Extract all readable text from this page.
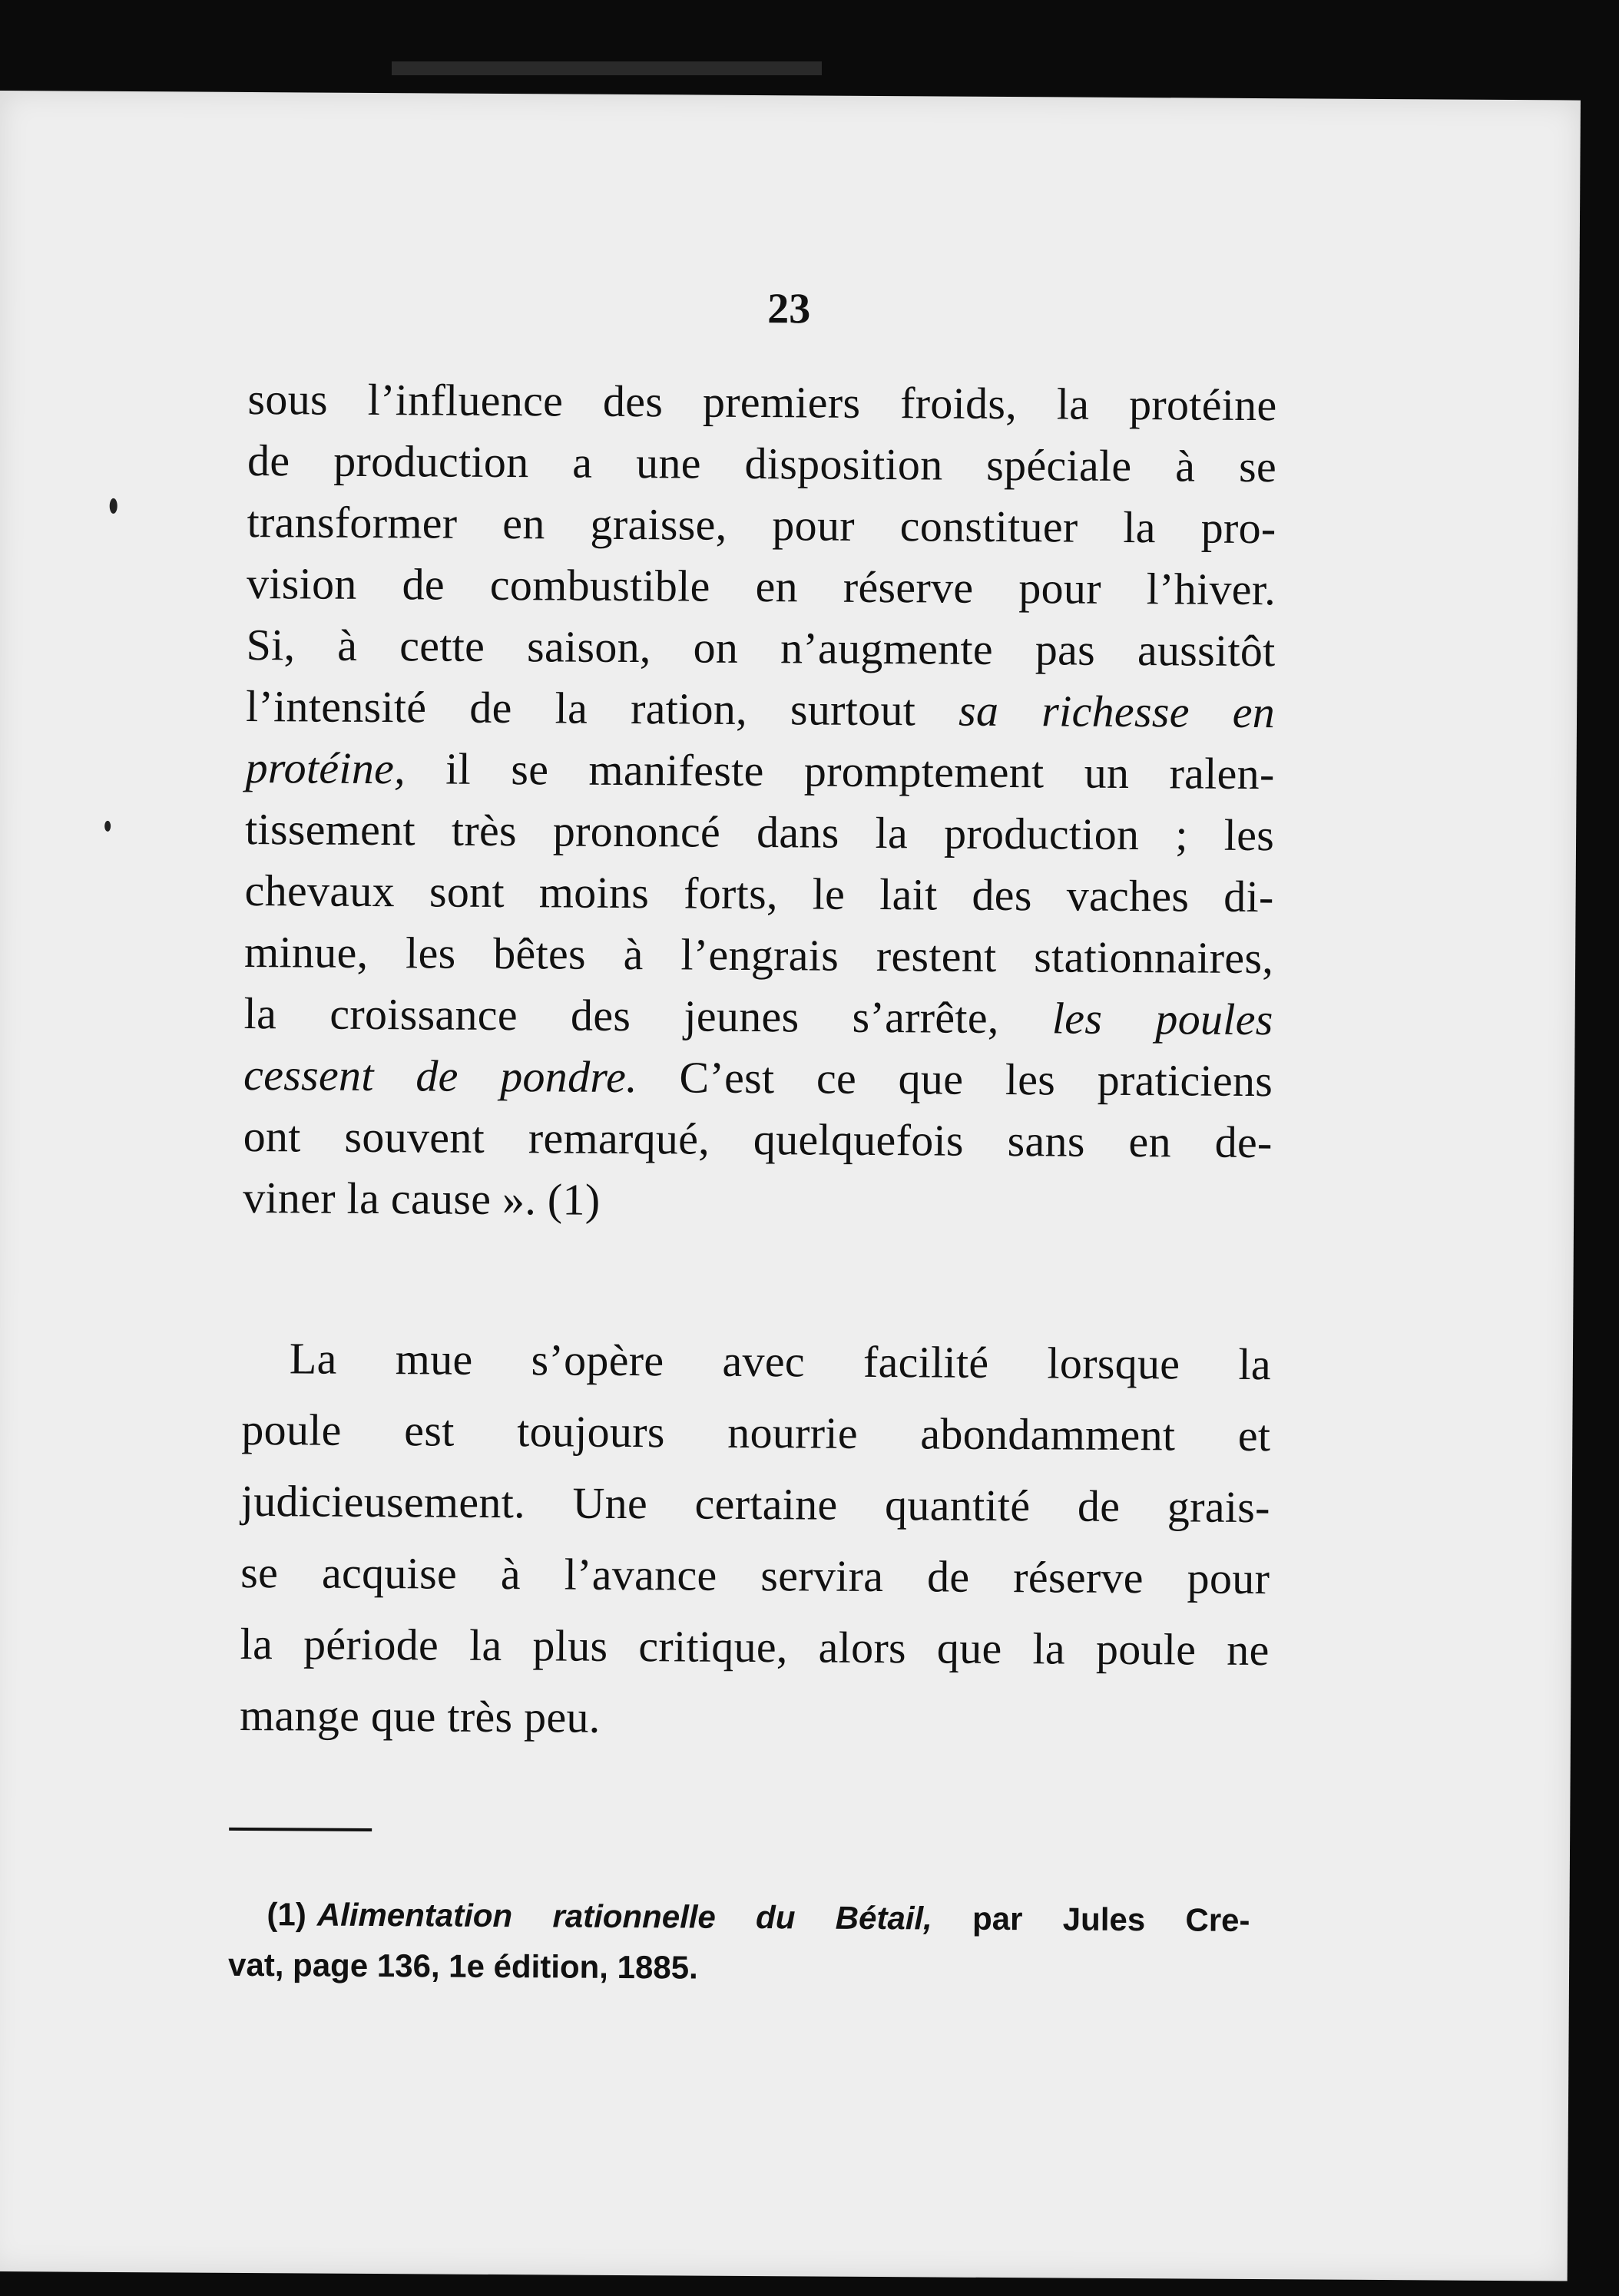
23
sous l’influence des premiers froids, la protéine
de production a une disposition spéciale à se
transformer en graisse, pour constituer la pro-
vision de combustible en réserve pour l’hiver.
Si, à cette saison, on n’augmente pas aussitôt
l’intensité de la ration, surtout sa richesse en
protéine, il se manifeste promptement un ralen-
tissement très prononcé dans la production ; les
chevaux sont moins forts, le lait des vaches di-
minue, les bêtes à l’engrais restent stationnaires,
la croissance des jeunes s’arrête, les poules
cessent de pondre. C’est ce que les praticiens
ont souvent remarqué, quelquefois sans en de-
viner la cause ». (1)
La mue s’opère avec facilité lorsque la
poule est toujours nourrie abondamment et
judicieusement. Une certaine quantité de grais-
se acquise à l’avance servira de réserve pour
la période la plus critique, alors que la poule ne
mange que très peu.
(1) Alimentation rationnelle du Bétail, par Jules Cre-
vat, page 136, 1e édition, 1885.
